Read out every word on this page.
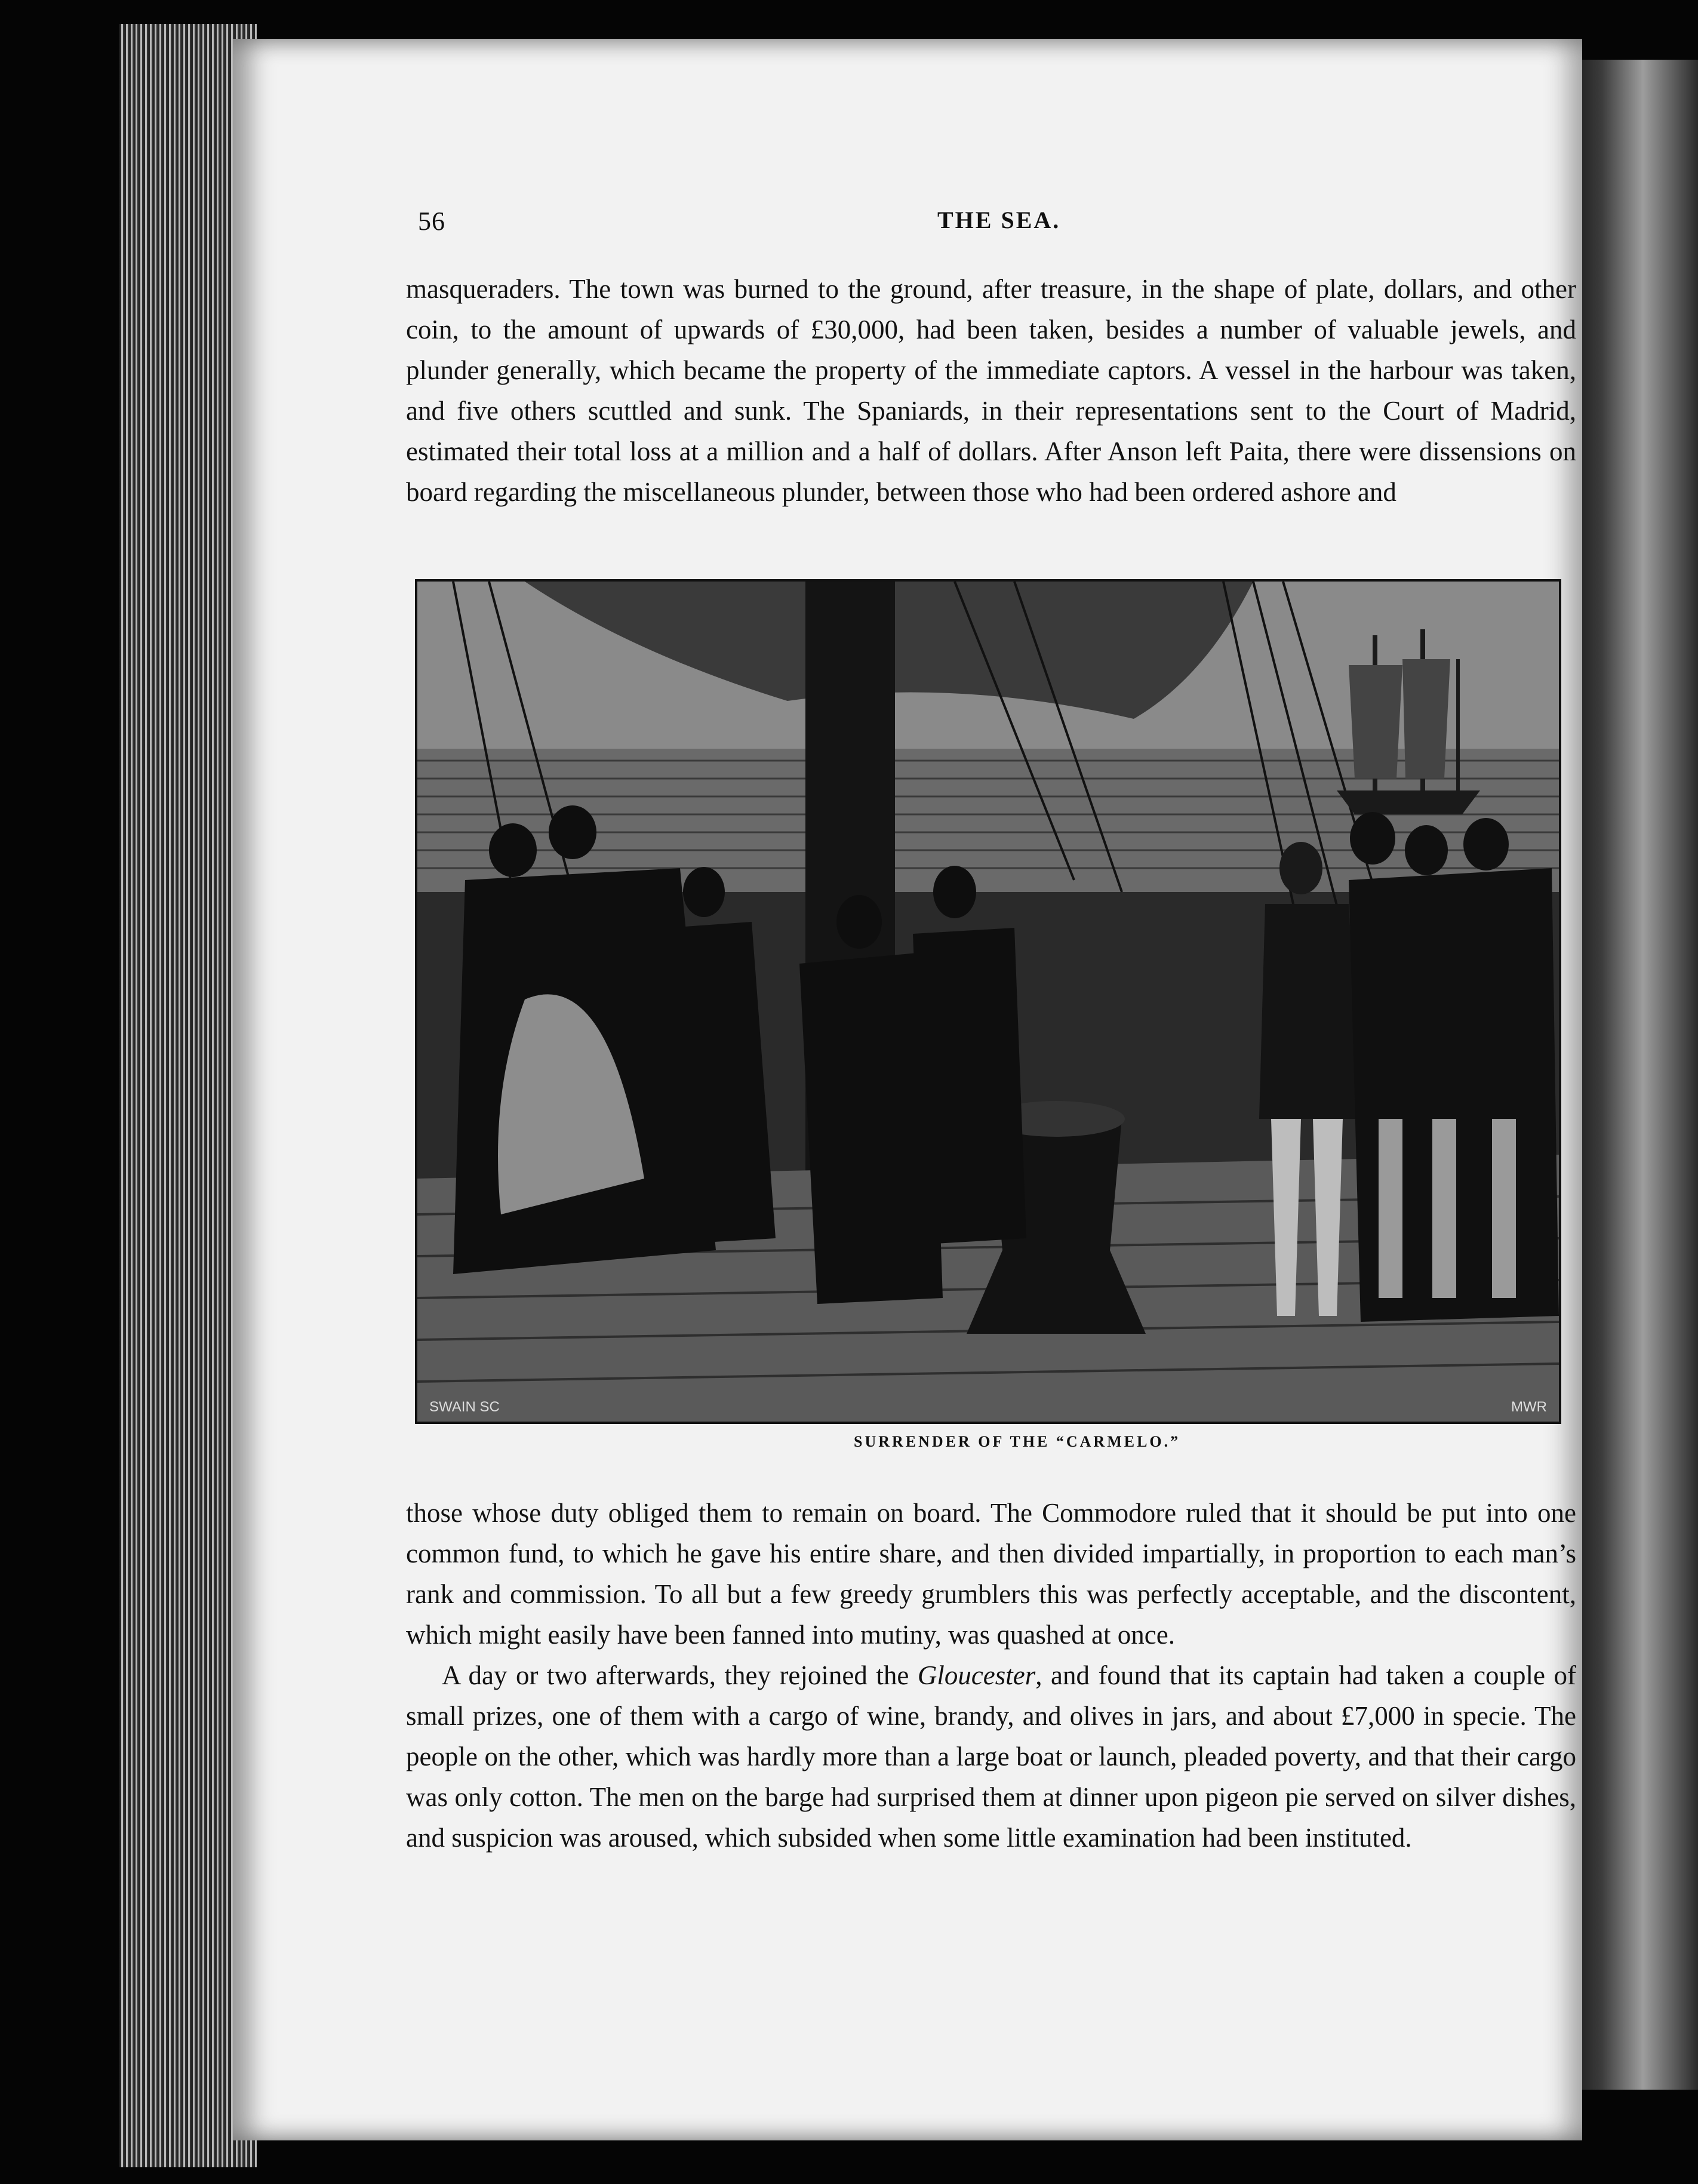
56	THE SEA.

masqueraders. The town was burned to the ground, after treasure, in the shape of plate, dollars, and other coin, to the amount of upwards of £30,000, had been taken, besides a number of valuable jewels, and plunder generally, which became the property of the immediate captors. A vessel in the harbour was taken, and five others scuttled and sunk. The Spaniards, in their representations sent to the Court of Madrid, estimated their total loss at a million and a half of dollars. After Anson left Paita, there were dissensions on board regarding the miscellaneous plunder, between those who had been ordered ashore and

SWAIN SC	MWR
SURRENDER OF THE “CARMELO.”

those whose duty obliged them to remain on board. The Commodore ruled that it should be put into one common fund, to which he gave his entire share, and then divided impartially, in proportion to each man’s rank and commission. To all but a few greedy grumblers this was perfectly acceptable, and the discontent, which might easily have been fanned into mutiny, was quashed at once.

A day or two afterwards, they rejoined the Gloucester, and found that its captain had taken a couple of small prizes, one of them with a cargo of wine, brandy, and olives in jars, and about £7,000 in specie. The people on the other, which was hardly more than a large boat or launch, pleaded poverty, and that their cargo was only cotton. The men on the barge had surprised them at dinner upon pigeon pie served on silver dishes, and suspicion was aroused, which subsided when some little examination had been instituted.
